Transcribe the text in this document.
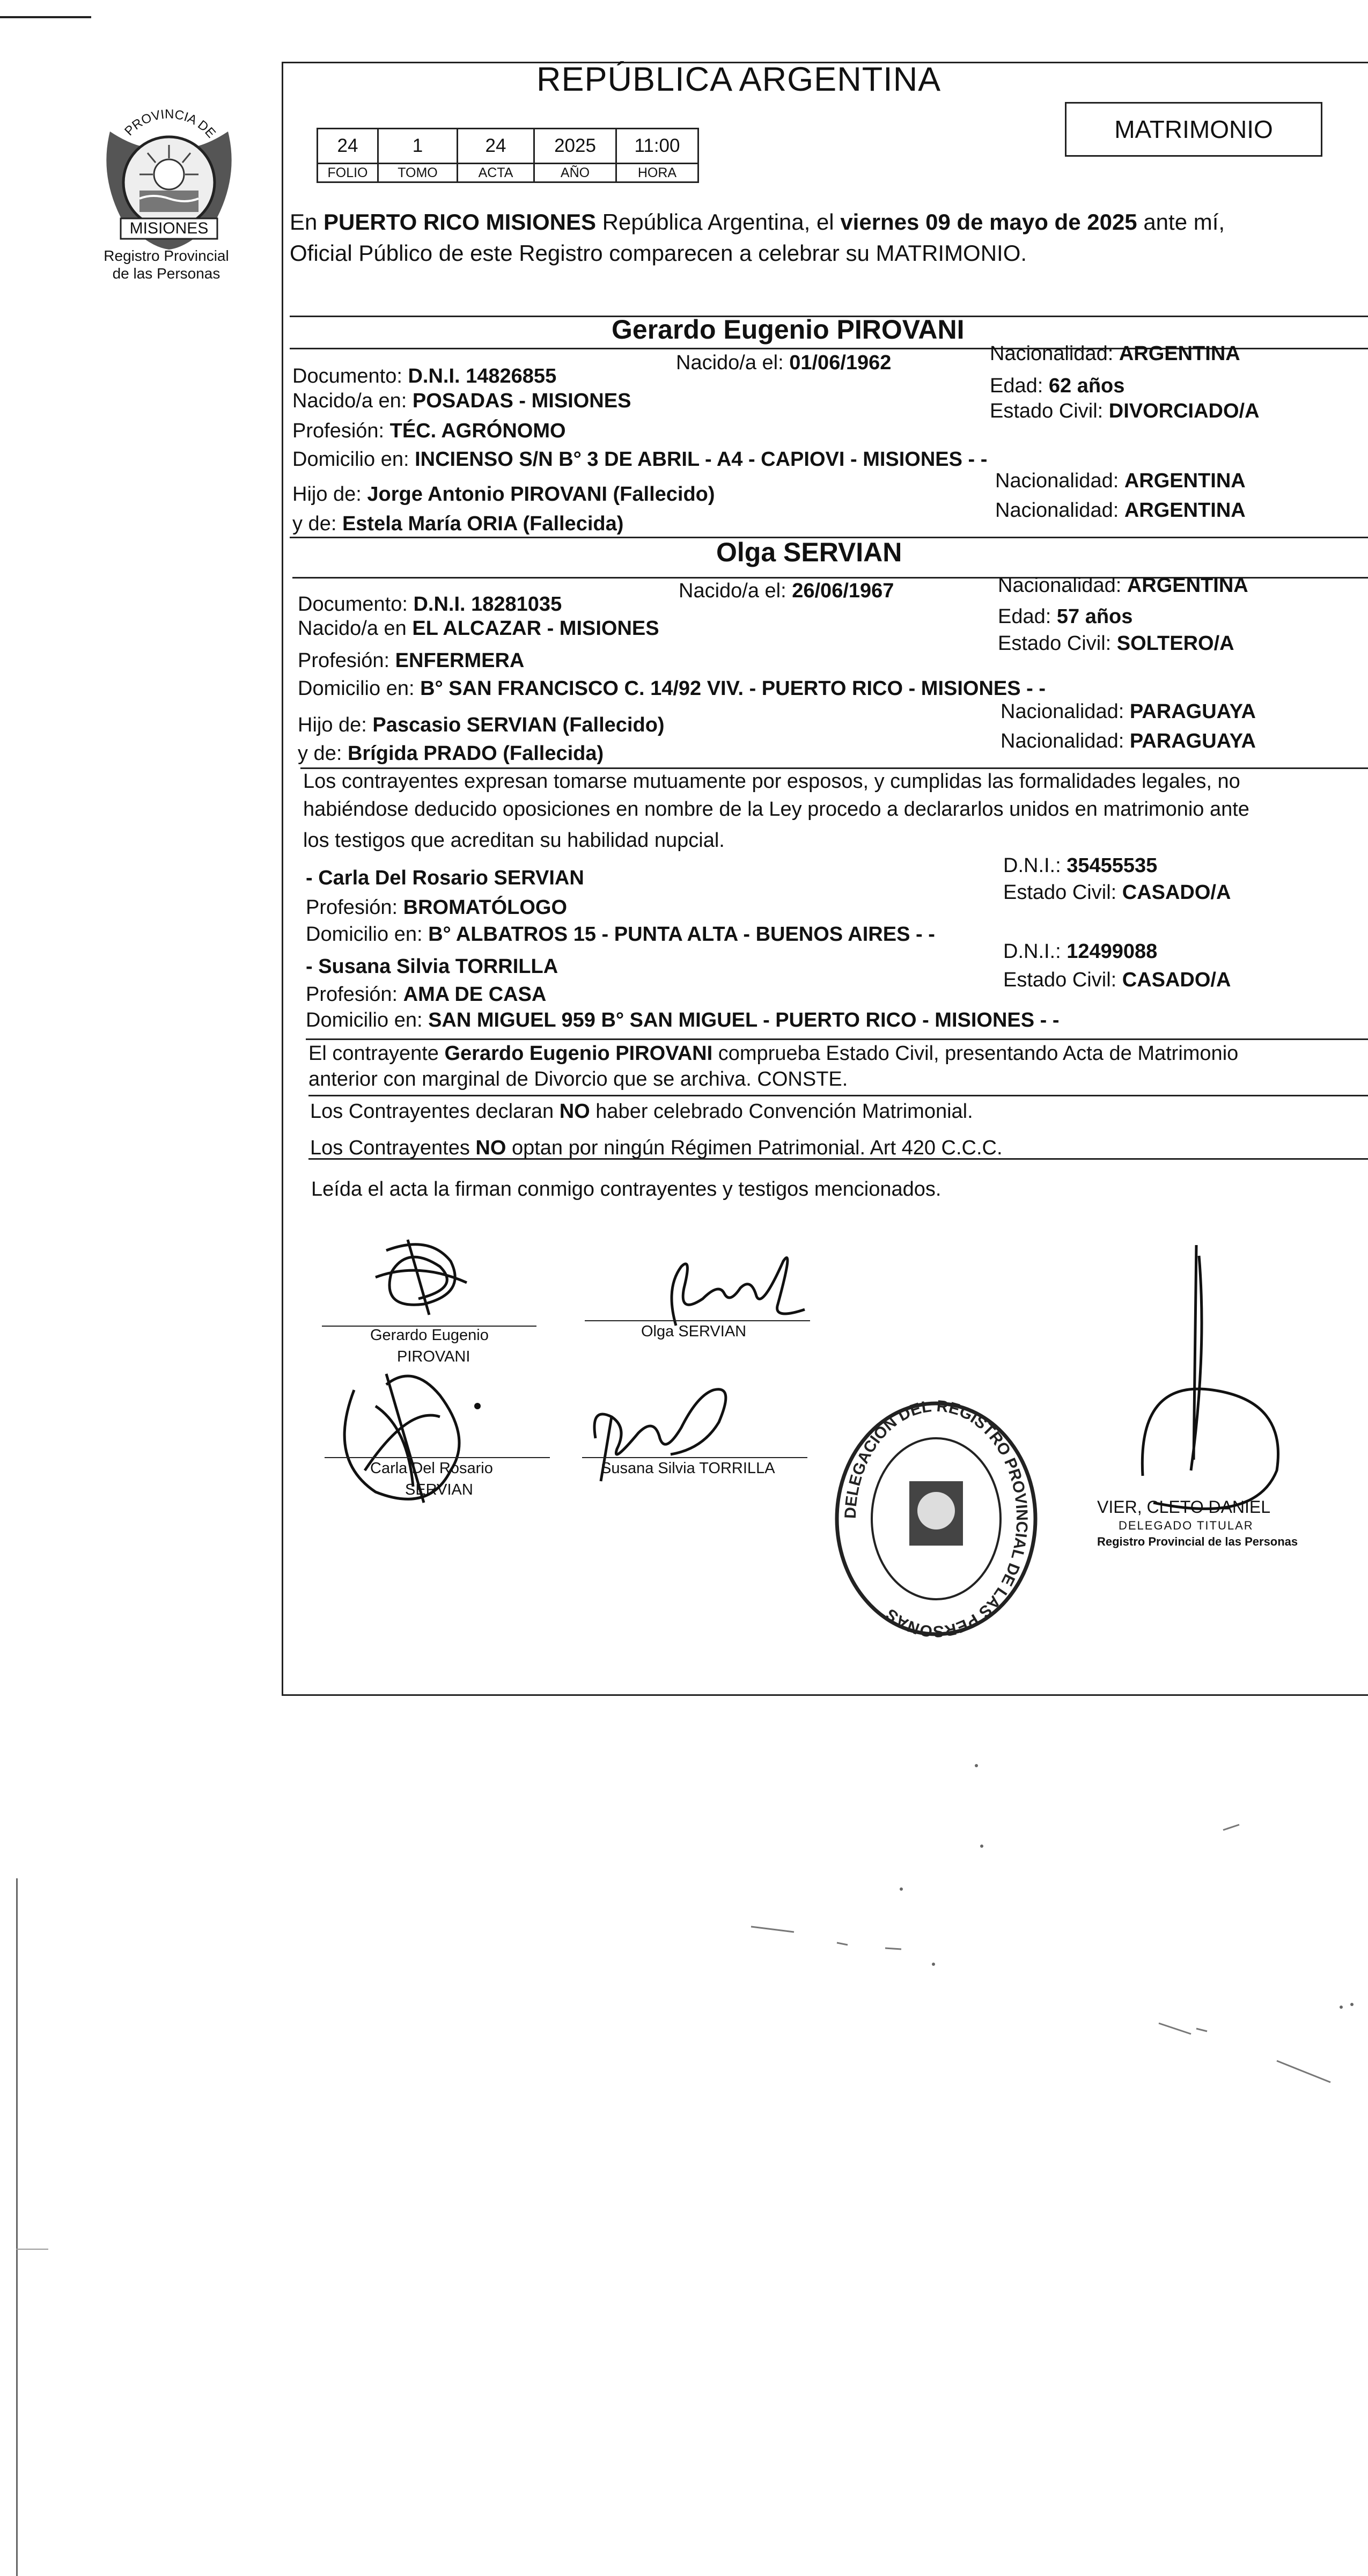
PROVINCIA DE
MISIONES
Registro Provincial
de las Personas
REPÚBLICA ARGENTINA
24	1	24	2025	11:00
FOLIO	TOMO	ACTA	AÑO	HORA
MATRIMONIO
En PUERTO RICO MISIONES República Argentina, el viernes 09 de mayo de 2025 ante mí,
Oficial Público de este Registro comparecen a celebrar su MATRIMONIO.
Gerardo Eugenio PIROVANI
Documento: D.N.I. 14826855
Nacido/a el: 01/06/1962	Nacionalidad: ARGENTINA
Nacido/a en: POSADAS - MISIONES
Edad: 62 años
Profesión: TÉC. AGRÓNOMO
Estado Civil: DIVORCIADO/A
Domicilio en: INCIENSO S/N B° 3 DE ABRIL - A4 - CAPIOVI - MISIONES - -
Hijo de: Jorge Antonio PIROVANI (Fallecido)
Nacionalidad: ARGENTINA
y de: Estela María ORIA (Fallecida)
Nacionalidad: ARGENTINA
Olga SERVIAN
Documento: D.N.I. 18281035
Nacido/a el: 26/06/1967	Nacionalidad: ARGENTINA
Nacido/a en EL ALCAZAR - MISIONES
Edad: 57 años
Profesión: ENFERMERA
Estado Civil: SOLTERO/A
Domicilio en: B° SAN FRANCISCO C. 14/92 VIV. - PUERTO RICO - MISIONES - -
Hijo de: Pascasio SERVIAN (Fallecido)
Nacionalidad: PARAGUAYA
y de: Brígida PRADO (Fallecida)
Nacionalidad: PARAGUAYA
Los contrayentes expresan tomarse mutuamente por esposos, y cumplidas las formalidades legales, no
habiéndose deducido oposiciones en nombre de la Ley procedo a declararlos unidos en matrimonio ante
los testigos que acreditan su habilidad nupcial.
- Carla Del Rosario SERVIAN
D.N.I.: 35455535
Profesión: BROMATÓLOGO
Estado Civil: CASADO/A
Domicilio en: B° ALBATROS 15 - PUNTA ALTA - BUENOS AIRES - -
- Susana Silvia TORRILLA
D.N.I.: 12499088
Profesión: AMA DE CASA
Estado Civil: CASADO/A
Domicilio en: SAN MIGUEL 959 B° SAN MIGUEL - PUERTO RICO - MISIONES - -
El contrayente Gerardo Eugenio PIROVANI comprueba Estado Civil, presentando Acta de Matrimonio
anterior con marginal de Divorcio que se archiva. CONSTE.
Los Contrayentes declaran NO haber celebrado Convención Matrimonial.
Los Contrayentes NO optan por ningún Régimen Patrimonial. Art 420 C.C.C.
Leída el acta la firman conmigo contrayentes y testigos mencionados.
Gerardo Eugenio
PIROVANI
Olga SERVIAN
Carla Del Rosario
SERVIAN
Susana Silvia TORRILLA
DELEGACION DEL REGISTRO PROVINCIAL DE LAS PERSONAS
VIER, CLETO DANIEL
DELEGADO TITULAR
Registro Provincial de las Personas
